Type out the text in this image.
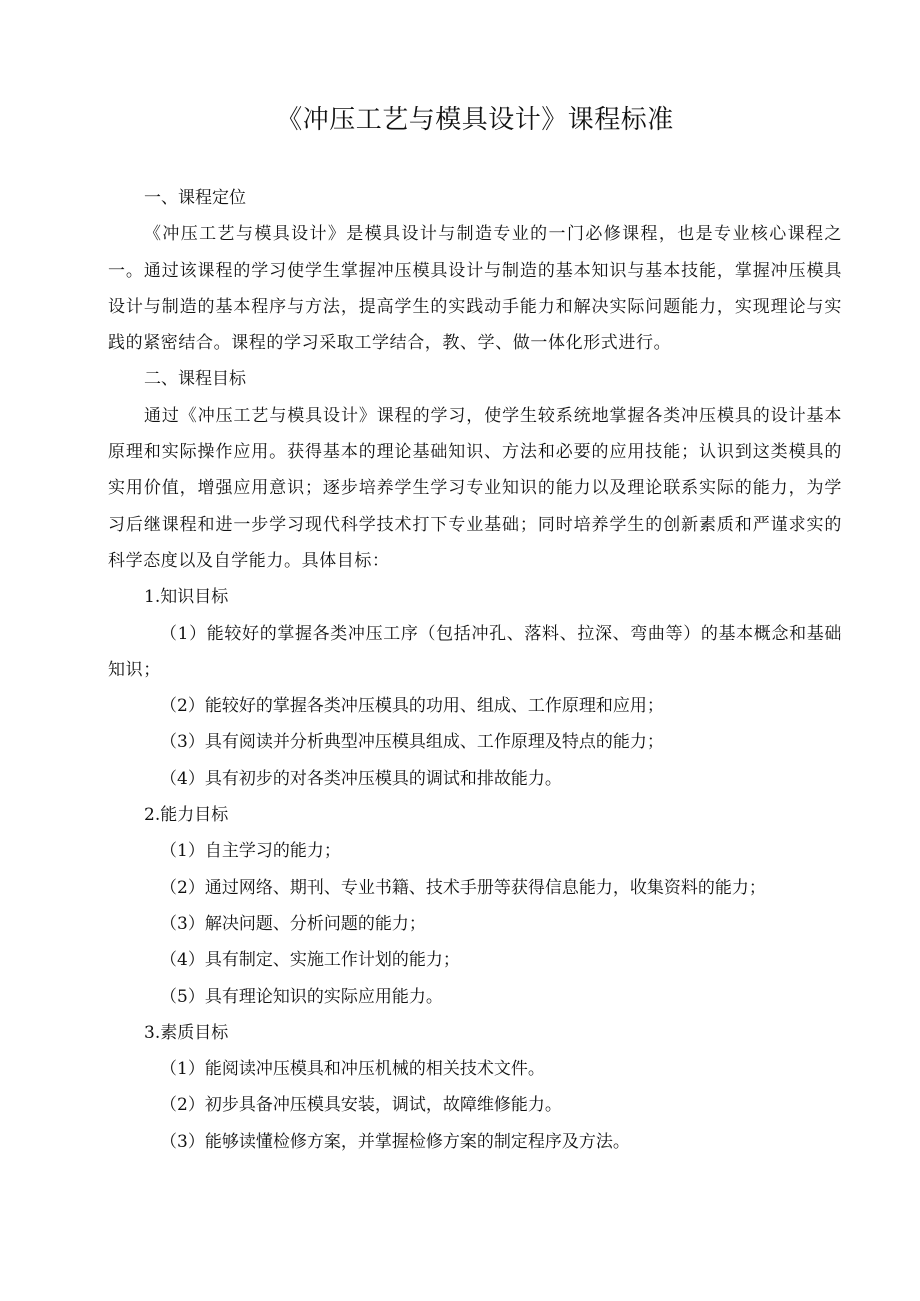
《冲压工艺与模具设计》课程标准

一、课程定位

《冲压工艺与模具设计》是模具设计与制造专业的一门必修课程，也是专业核心课程之一。通过该课程的学习使学生掌握冲压模具设计与制造的基本知识与基本技能，掌握冲压模具设计与制造的基本程序与方法，提高学生的实践动手能力和解决实际问题能力，实现理论与实践的紧密结合。课程的学习采取工学结合，教、学、做一体化形式进行。

二、课程目标

通过《冲压工艺与模具设计》课程的学习，使学生较系统地掌握各类冲压模具的设计基本原理和实际操作应用。获得基本的理论基础知识、方法和必要的应用技能；认识到这类模具的实用价值，增强应用意识；逐步培养学生学习专业知识的能力以及理论联系实际的能力，为学习后继课程和进一步学习现代科学技术打下专业基础；同时培养学生的创新素质和严谨求实的科学态度以及自学能力。具体目标：

1.知识目标

（1）能较好的掌握各类冲压工序（包括冲孔、落料、拉深、弯曲等）的基本概念和基础知识；

（2）能较好的掌握各类冲压模具的功用、组成、工作原理和应用；

（3）具有阅读并分析典型冲压模具组成、工作原理及特点的能力；

（4）具有初步的对各类冲压模具的调试和排故能力。

2.能力目标

（1）自主学习的能力；

（2）通过网络、期刊、专业书籍、技术手册等获得信息能力，收集资料的能力；

（3）解决问题、分析问题的能力；

（4）具有制定、实施工作计划的能力；

（5）具有理论知识的实际应用能力。

3.素质目标

（1）能阅读冲压模具和冲压机械的相关技术文件。

（2）初步具备冲压模具安装，调试，故障维修能力。

（3）能够读懂检修方案，并掌握检修方案的制定程序及方法。
